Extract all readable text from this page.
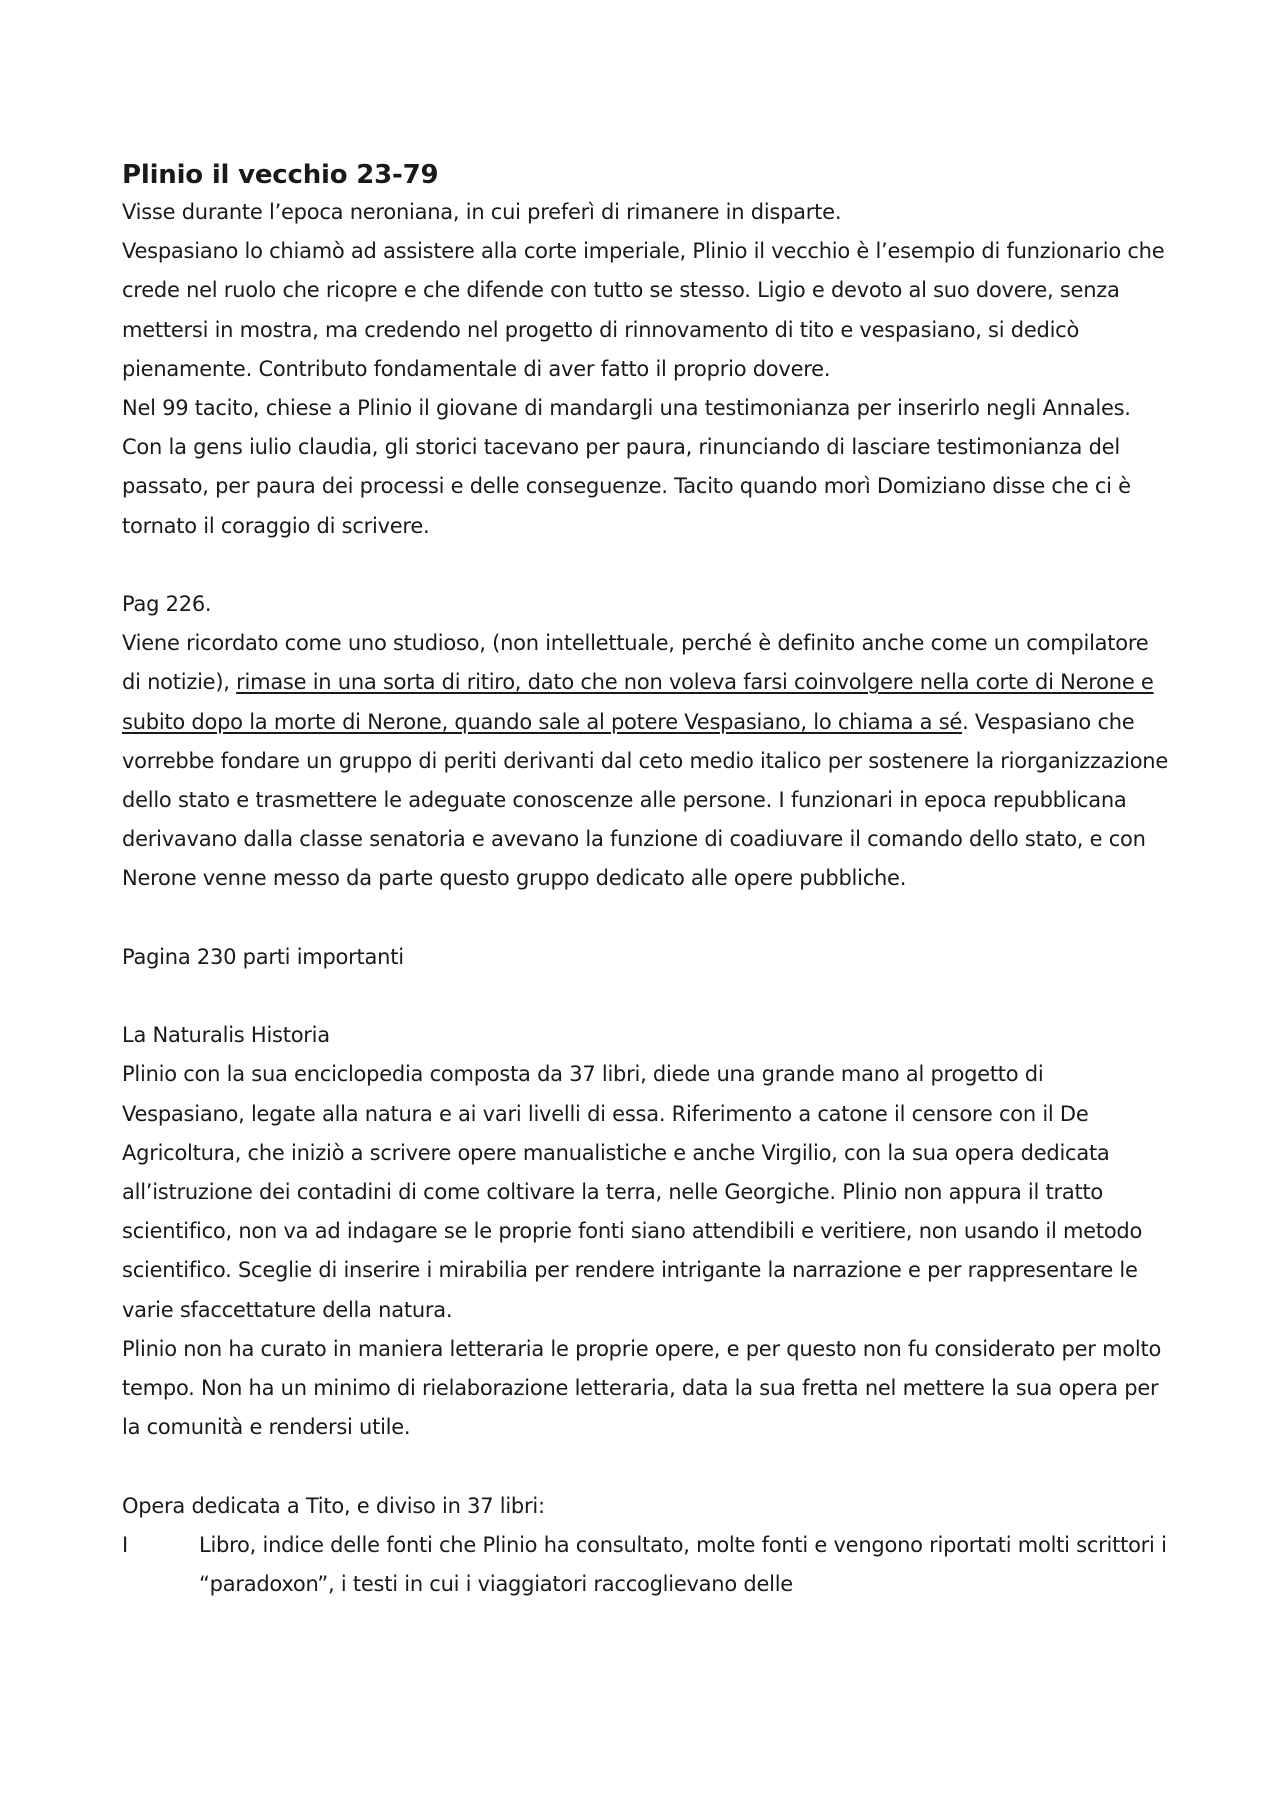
Plinio il vecchio 23-79

Visse durante l’epoca neroniana, in cui preferì di rimanere in disparte.

Vespasiano lo chiamò ad assistere alla corte imperiale, Plinio il vecchio è l’esempio di funzionario che crede nel ruolo che ricopre e che difende con tutto se stesso. Ligio e devoto al suo dovere, senza mettersi in mostra, ma credendo nel progetto di rinnovamento di tito e vespasiano, si dedicò pienamente. Contributo fondamentale di aver fatto il proprio dovere.

Nel 99 tacito, chiese a Plinio il giovane di mandargli una testimonianza per inserirlo negli Annales. Con la gens iulio claudia, gli storici tacevano per paura, rinunciando di lasciare testimonianza del passato, per paura dei processi e delle conseguenze. Tacito quando morì Domiziano disse che ci è tornato il coraggio di scrivere.

Pag 226.

Viene ricordato come uno studioso, (non intellettuale, perché è definito anche come un compilatore di notizie), rimase in una sorta di ritiro, dato che non voleva farsi coinvolgere nella corte di Nerone e subito dopo la morte di Nerone, quando sale al potere Vespasiano, lo chiama a sé. Vespasiano che vorrebbe fondare un gruppo di periti derivanti dal ceto medio italico per sostenere la riorganizzazione dello stato e trasmettere le adeguate conoscenze alle persone. I funzionari in epoca repubblicana derivavano dalla classe senatoria e avevano la funzione di coadiuvare il comando dello stato, e con Nerone venne messo da parte questo gruppo dedicato alle opere pubbliche.

Pagina 230 parti importanti

La Naturalis Historia

Plinio con la sua enciclopedia composta da 37 libri, diede una grande mano al progetto di Vespasiano, legate alla natura e ai vari livelli di essa. Riferimento a catone il censore con il De Agricoltura, che iniziò a scrivere opere manualistiche e anche Virgilio, con la sua opera dedicata all’istruzione dei contadini di come coltivare la terra, nelle Georgiche. Plinio non appura il tratto scientifico, non va ad indagare se le proprie fonti siano attendibili e veritiere, non usando il metodo scientifico. Sceglie di inserire i mirabilia per rendere intrigante la narrazione e per rappresentare le varie sfaccettature della natura.

Plinio non ha curato in maniera letteraria le proprie opere, e per questo non fu considerato per molto tempo. Non ha un minimo di rielaborazione letteraria, data la sua fretta nel mettere la sua opera per la comunità e rendersi utile.

Opera dedicata a Tito, e diviso in 37 libri:

I	Libro, indice delle fonti che Plinio ha consultato, molte fonti e vengono riportati molti scrittori i “paradoxon”, i testi in cui i viaggiatori raccoglievano delle
